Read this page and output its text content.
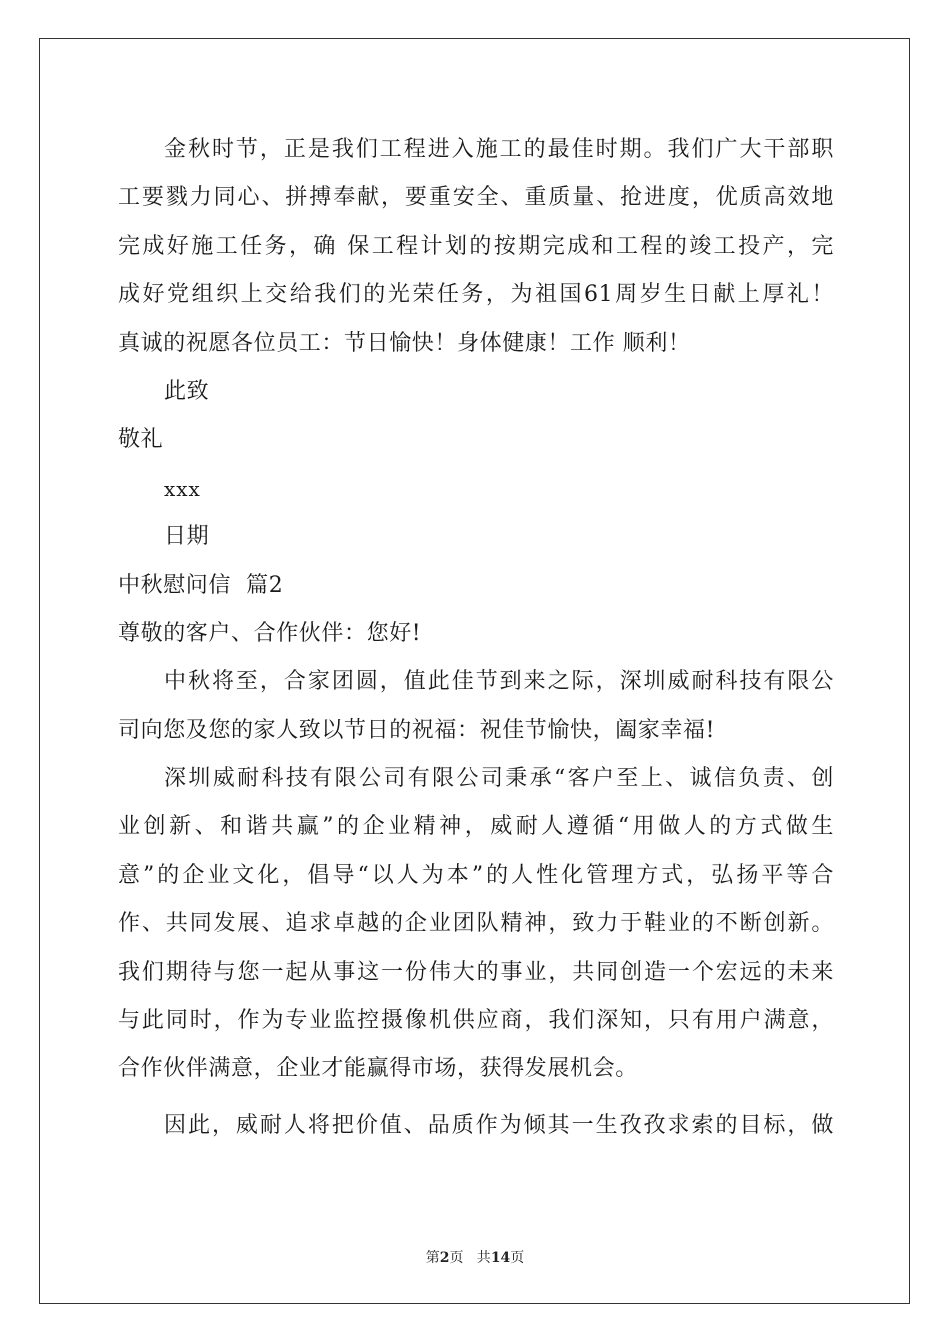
金秋时节，正是我们工程进入施工的最佳时期。我们广大干部职
工要戮力同心、拼搏奉献，要重安全、重质量、抢进度，优质高效地
完成好施工任务，确 保工程计划的按期完成和工程的竣工投产，完
成好党组织上交给我们的光荣任务，为祖国61周岁生日献上厚礼！
真诚的祝愿各位员工：节日愉快！身体健康！工作 顺利！
此致
敬礼
xxx
日期
中秋慰问信  篇2
尊敬的客户、合作伙伴：您好!
中秋将至，合家团圆，值此佳节到来之际，深圳威耐科技有限公
司向您及您的家人致以节日的祝福：祝佳节愉快，阖家幸福!
深圳威耐科技有限公司有限公司秉承“客户至上、诚信负责、创
业创新、和谐共赢”的企业精神，威耐人遵循“用做人的方式做生
意”的企业文化，倡导“以人为本”的人性化管理方式，弘扬平等合
作、共同发展、追求卓越的企业团队精神，致力于鞋业的不断创新。
我们期待与您一起从事这一份伟大的事业，共同创造一个宏远的未来
与此同时，作为专业监控摄像机供应商，我们深知，只有用户满意，
合作伙伴满意，企业才能赢得市场，获得发展机会。
因此，威耐人将把价值、品质作为倾其一生孜孜求索的目标，做
第2页   共14页
